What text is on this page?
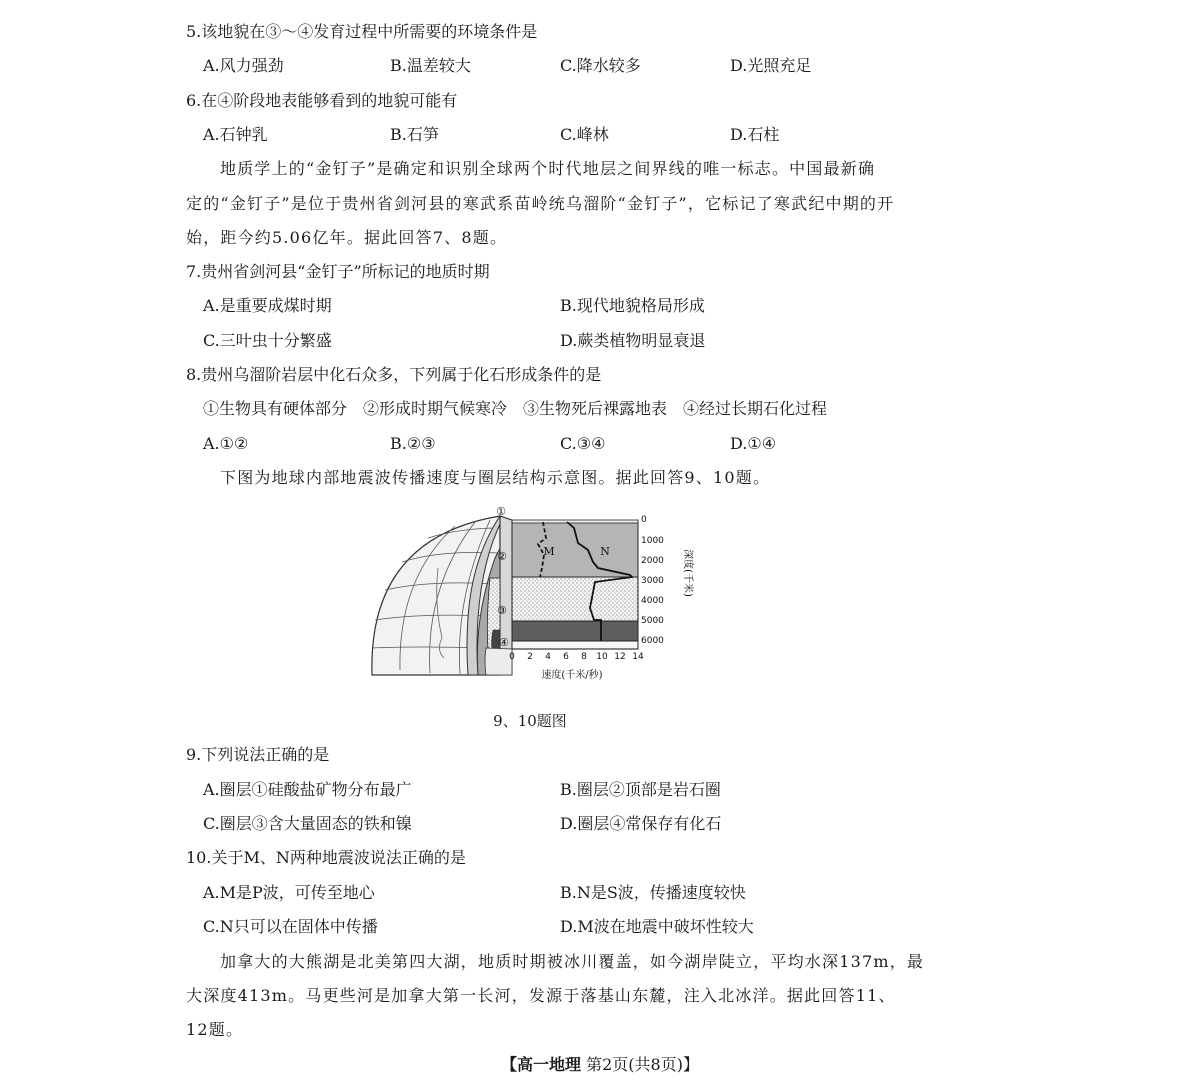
5.该地貌在③～④发育过程中所需要的环境条件是
A.风力强劲	B.温差较大	C.降水较多	D.光照充足
6.在④阶段地表能够看到的地貌可能有
A.石钟乳	B.石笋	C.峰林	D.石柱
地质学上的“金钉子”是确定和识别全球两个时代地层之间界线的唯一标志。中国最新确
定的“金钉子”是位于贵州省剑河县的寒武系苗岭统乌溜阶“金钉子”，它标记了寒武纪中期的开
始，距今约5.06亿年。据此回答7、8题。
7.贵州省剑河县“金钉子”所标记的地质时期
A.是重要成煤时期	B.现代地貌格局形成
C.三叶虫十分繁盛	D.蕨类植物明显衰退
8.贵州乌溜阶岩层中化石众多，下列属于化石形成条件的是
①生物具有硬体部分　②形成时期气候寒冷　③生物死后裸露地表　④经过长期石化过程
A.①②	B.②③	C.③④	D.①④
下图为地球内部地震波传播速度与圈层结构示意图。据此回答9、10题。
0 2 4 6 8 10 12 14
0
1000
2000
3000
4000
5000
6000
深度(千米)
速度(千米/秒)
①
②
③
④
M	N
9、10题图
9.下列说法正确的是
A.圈层①硅酸盐矿物分布最广	B.圈层②顶部是岩石圈
C.圈层③含大量固态的铁和镍	D.圈层④常保存有化石
10.关于M、N两种地震波说法正确的是
A.M是P波，可传至地心	B.N是S波，传播速度较快
C.N只可以在固体中传播	D.M波在地震中破坏性较大
加拿大的大熊湖是北美第四大湖，地质时期被冰川覆盖，如今湖岸陡立，平均水深137m，最
大深度413m。马更些河是加拿大第一长河，发源于落基山东麓，注入北冰洋。据此回答11、
12题。
【高一地理 第2页(共8页)】
